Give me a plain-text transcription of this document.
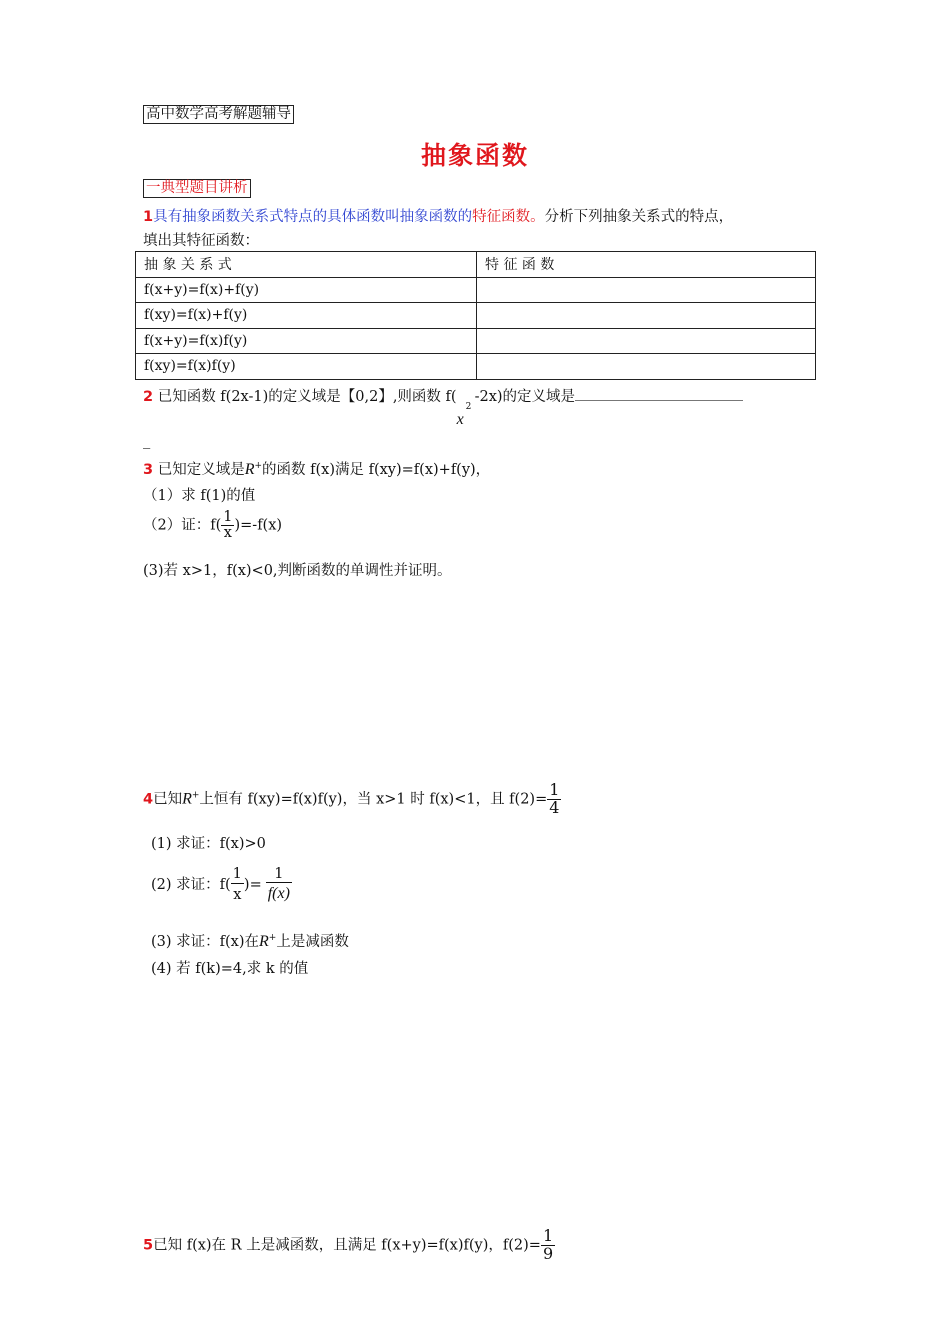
高中数学高考解题辅导
抽象函数
一典型题目讲析
1具有抽象函数关系式特点的具体函数叫抽象函数的特征函数。分析下列抽象关系式的特点，
填出其特征函数：
抽 象 关 系 式	特 征 函 数
f(x+y)=f(x)+f(y)	
f(xy)=f(x)+f(y)	
f(x+y)=f(x)f(y)	
f(xy)=f(x)f(y)	
2 已知函数 f(2x-1)的定义域是【0,2】,则函数 f(
x
2
-2x)的定义域是
_
3 已知定义域是R+的函数 f(x)满足 f(xy)=f(x)+f(y)，
（1）求 f(1)的值
（2）证：$f( \frac{1}{x} )=-f(x)$
(3)若 x>1，f(x)<0,判断函数的单调性并证明。
4已知R+上恒有 f(xy)=f(x)f(y)，当 x>1 时 f(x)<1，且 $f(2)= \frac{1}{4}$
(1) 求证：f(x)>0
(2) 求证：$f( \frac{1}{x}$ )= $\frac{1}{f(x)}$
(3) 求证：f(x)在R+上是减函数
(4) 若 f(k)=4,求 k 的值
5已知 f(x)在 R 上是减函数，且满足 f(x+y)=f(x)f(y)，$f(2)= \frac{1}{9}$
